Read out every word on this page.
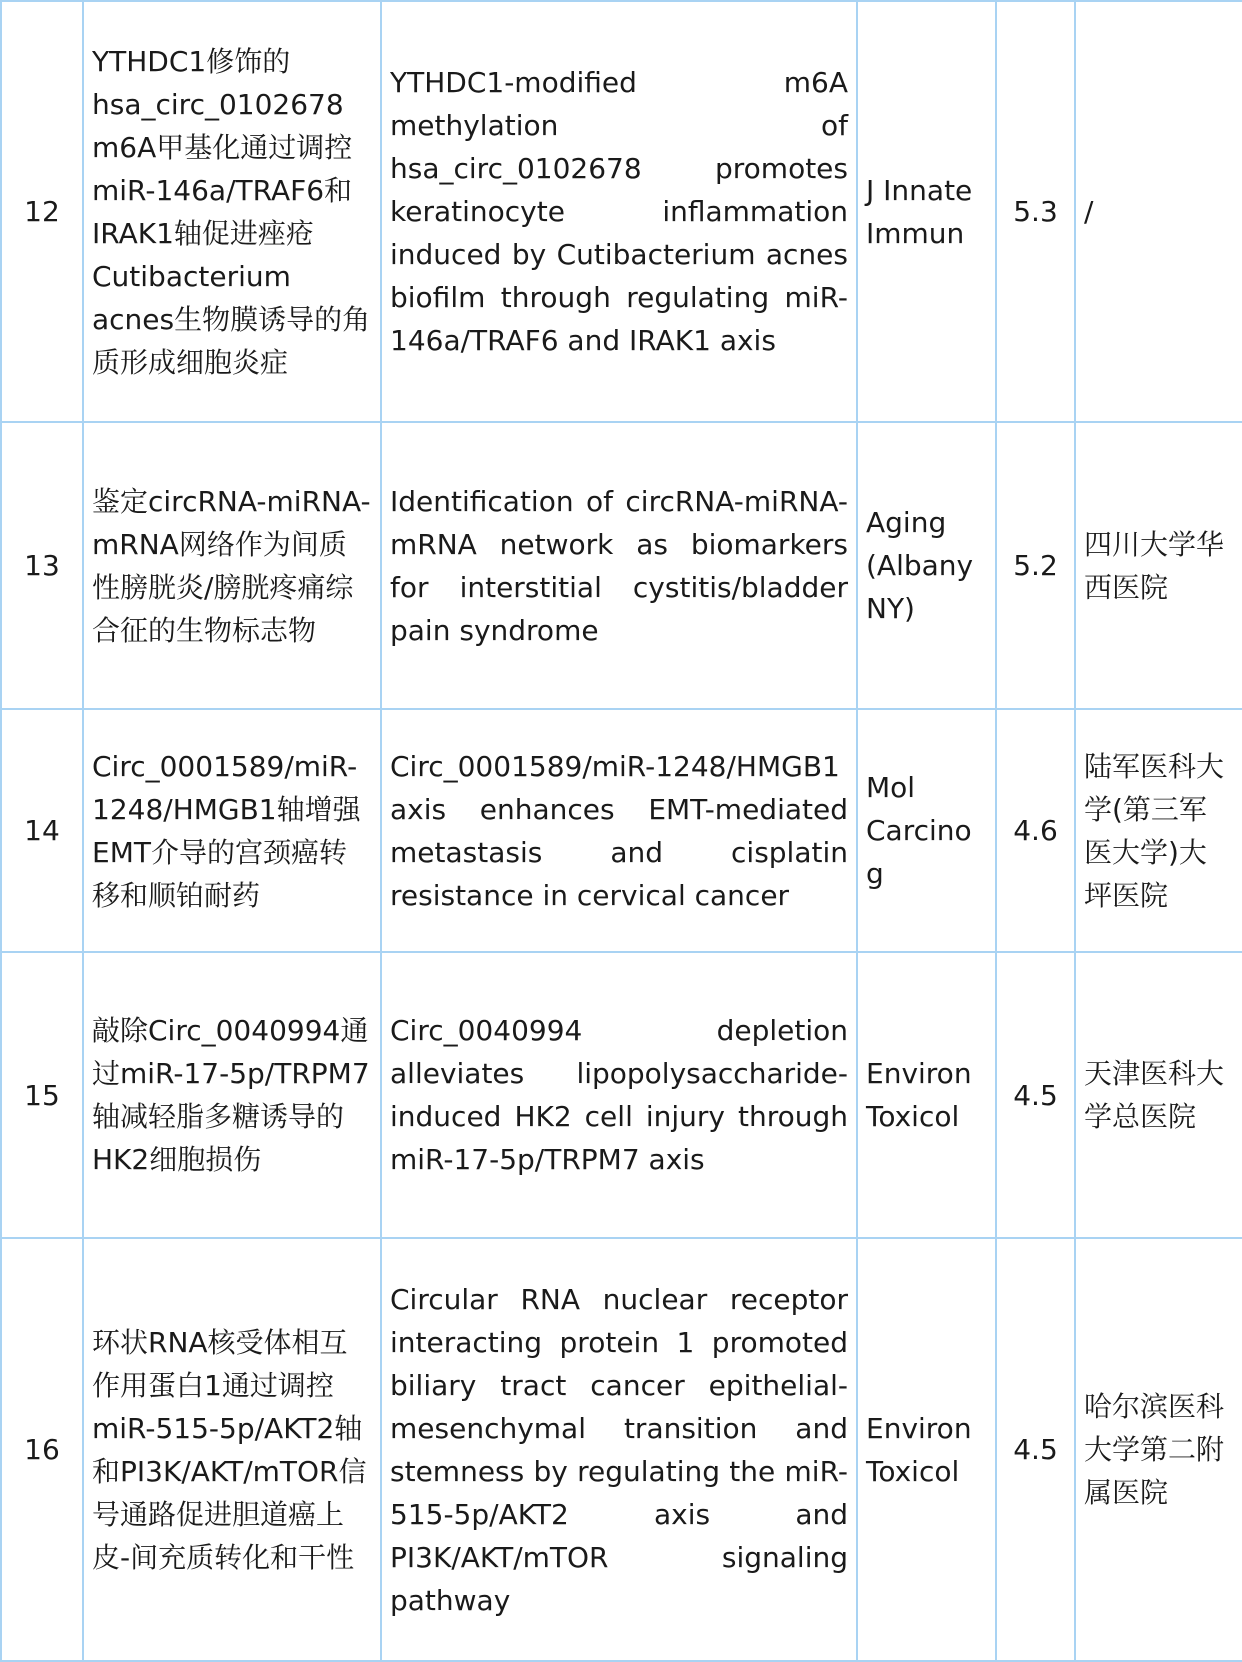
12	YTHDC1修饰的hsa_circ_0102678 m6A甲基化通过调控miR-146a/TRAF6和IRAK1轴促进痤疮Cutibacterium acnes生物膜诱导的角质形成细胞炎症	YTHDC1-modified m6A methylation of hsa_circ_0102678 promotes keratinocyte inflammation induced by Cutibacterium acnes biofilm through regulating miR-146a/TRAF6 and IRAK1 axis	J Innate Immun	5.3	/
13	鉴定circRNA-miRNA-mRNA网络作为间质性膀胱炎/膀胱疼痛综合征的生物标志物	Identification of circRNA-miRNA-mRNA network as biomarkers for interstitial cystitis/bladder pain syndrome	Aging (Albany NY)	5.2	四川大学华西医院
14	Circ_0001589/miR-1248/HMGB1轴增强EMT介导的宫颈癌转移和顺铂耐药	Circ_0001589/miR-1248/HMGB1 axis enhances EMT-mediated metastasis and cisplatin resistance in cervical cancer	Mol Carcinog	4.6	陆军医科大学(第三军医大学)大坪医院
15	敲除Circ_0040994通过miR-17-5p/TRPM7轴减轻脂多糖诱导的HK2细胞损伤	Circ_0040994 depletion alleviates lipopolysaccharide-induced HK2 cell injury through miR-17-5p/TRPM7 axis	Environ Toxicol	4.5	天津医科大学总医院
16	环状RNA核受体相互作用蛋白1通过调控miR-515-5p/AKT2轴和PI3K/AKT/mTOR信号通路促进胆道癌上皮-间充质转化和干性	Circular RNA nuclear receptor interacting protein 1 promoted biliary tract cancer epithelial-mesenchymal transition and stemness by regulating the miR-515-5p/AKT2 axis and PI3K/AKT/mTOR signaling pathway	Environ Toxicol	4.5	哈尔滨医科大学第二附属医院
